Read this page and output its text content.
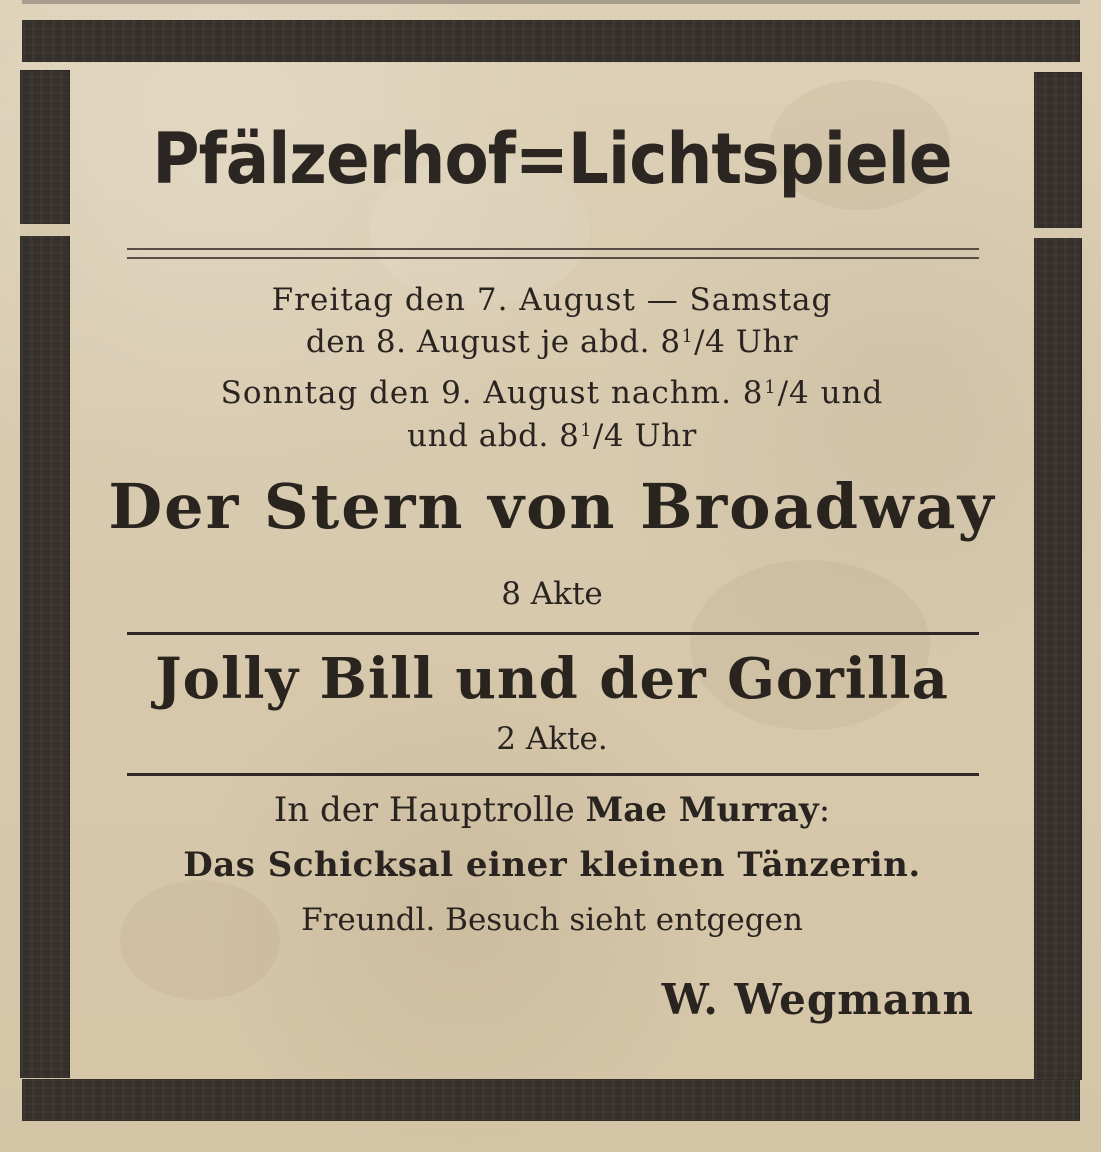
Pfälzerhof=Lichtspiele
Freitag den 7. August — Samstag
den 8. August je abd. $8^1/4$ Uhr
Sonntag den 9. August nachm. $8^1/4$ und
und abd. $8^1/4$ Uhr
Der Stern von Broadway
8 Akte
Jolly Bill und der Gorilla
2 Akte.
In der Hauptrolle Mae Murray:
Das Schicksal einer kleinen Tänzerin.
Freundl. Besuch sieht entgegen
W. Wegmann
